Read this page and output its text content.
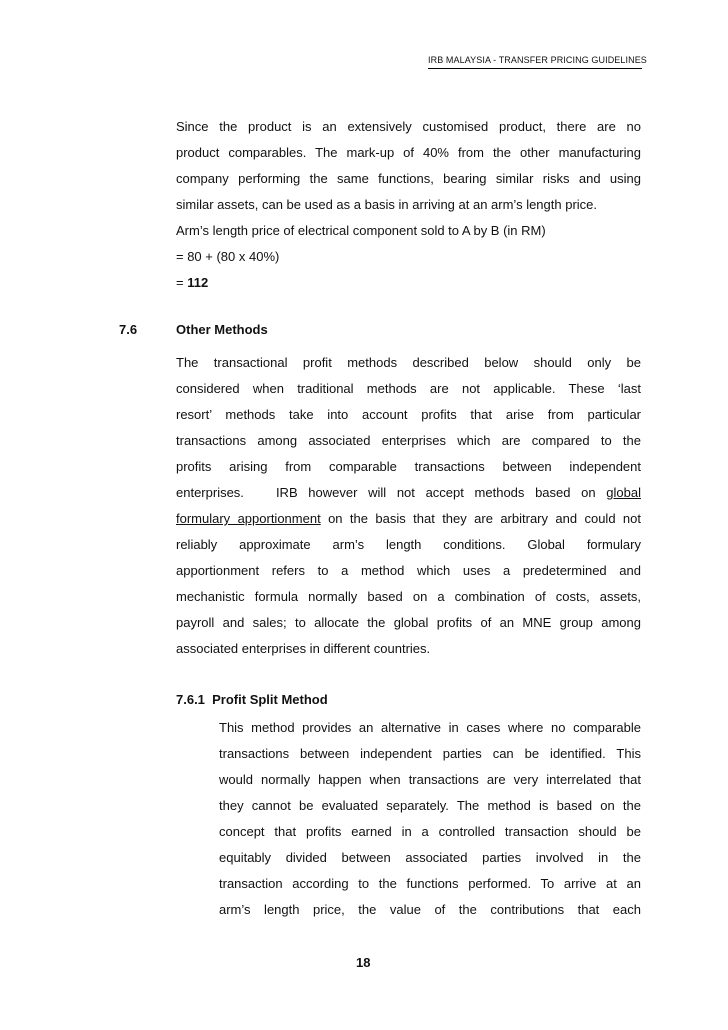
IRB MALAYSIA - TRANSFER PRICING GUIDELINES
Since the product is an extensively customised product, there are no
product comparables. The mark-up of 40% from the other manufacturing
company performing the same functions, bearing similar risks and using
similar assets, can be used as a basis in arriving at an arm’s length price.
Arm’s length price of electrical component sold to A by B (in RM)
= 80 + (80 x 40%)
= 112
7.6	Other Methods
The transactional profit methods described below should only be
considered when traditional methods are not applicable. These ‘last
resort’ methods take into account profits that arise from particular
transactions among associated enterprises which are compared to the
profits arising from comparable transactions between independent
enterprises.   IRB however will not accept methods based on global
formulary apportionment on the basis that they are arbitrary and could not
reliably approximate arm’s length conditions. Global formulary
apportionment refers to a method which uses a predetermined and
mechanistic formula normally based on a combination of costs, assets,
payroll and sales; to allocate the global profits of an MNE group among
associated enterprises in different countries.
7.6.1  Profit Split Method
This method provides an alternative in cases where no comparable
transactions between independent parties can be identified. This
would normally happen when transactions are very interrelated that
they cannot be evaluated separately. The method is based on the
concept that profits earned in a controlled transaction should be
equitably divided between associated parties involved in the
transaction according to the functions performed. To arrive at an
arm’s length price, the value of the contributions that each
18
